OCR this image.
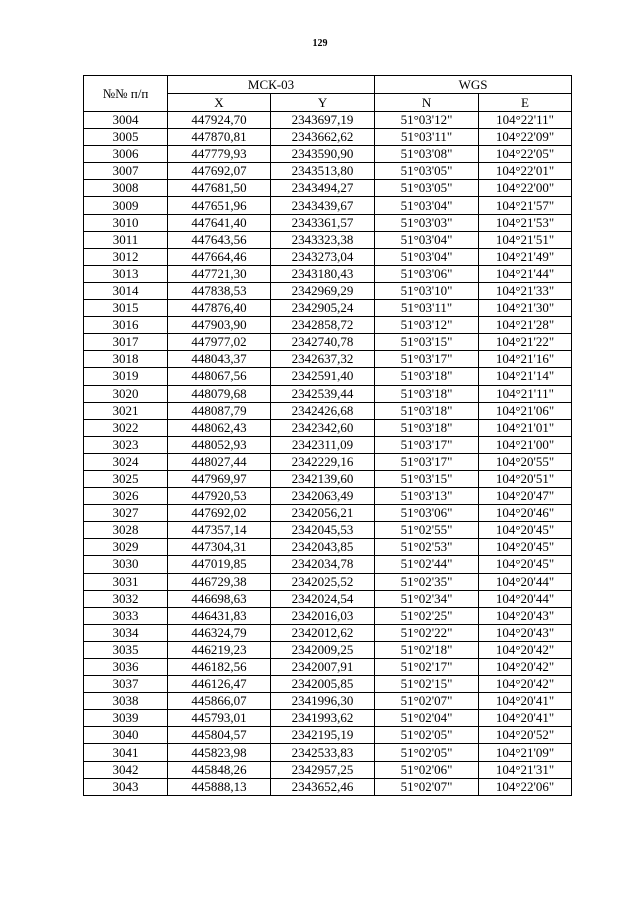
129
№№ п/п	МСК-03		WGS	
	X	Y	N	E
3004	447924,70	2343697,19	51°03'12"	104°22'11"
3005	447870,81	2343662,62	51°03'11"	104°22'09"
3006	447779,93	2343590,90	51°03'08"	104°22'05"
3007	447692,07	2343513,80	51°03'05"	104°22'01"
3008	447681,50	2343494,27	51°03'05"	104°22'00"
3009	447651,96	2343439,67	51°03'04"	104°21'57"
3010	447641,40	2343361,57	51°03'03"	104°21'53"
3011	447643,56	2343323,38	51°03'04"	104°21'51"
3012	447664,46	2343273,04	51°03'04"	104°21'49"
3013	447721,30	2343180,43	51°03'06"	104°21'44"
3014	447838,53	2342969,29	51°03'10"	104°21'33"
3015	447876,40	2342905,24	51°03'11"	104°21'30"
3016	447903,90	2342858,72	51°03'12"	104°21'28"
3017	447977,02	2342740,78	51°03'15"	104°21'22"
3018	448043,37	2342637,32	51°03'17"	104°21'16"
3019	448067,56	2342591,40	51°03'18"	104°21'14"
3020	448079,68	2342539,44	51°03'18"	104°21'11"
3021	448087,79	2342426,68	51°03'18"	104°21'06"
3022	448062,43	2342342,60	51°03'18"	104°21'01"
3023	448052,93	2342311,09	51°03'17"	104°21'00"
3024	448027,44	2342229,16	51°03'17"	104°20'55"
3025	447969,97	2342139,60	51°03'15"	104°20'51"
3026	447920,53	2342063,49	51°03'13"	104°20'47"
3027	447692,02	2342056,21	51°03'06"	104°20'46"
3028	447357,14	2342045,53	51°02'55"	104°20'45"
3029	447304,31	2342043,85	51°02'53"	104°20'45"
3030	447019,85	2342034,78	51°02'44"	104°20'45"
3031	446729,38	2342025,52	51°02'35"	104°20'44"
3032	446698,63	2342024,54	51°02'34"	104°20'44"
3033	446431,83	2342016,03	51°02'25"	104°20'43"
3034	446324,79	2342012,62	51°02'22"	104°20'43"
3035	446219,23	2342009,25	51°02'18"	104°20'42"
3036	446182,56	2342007,91	51°02'17"	104°20'42"
3037	446126,47	2342005,85	51°02'15"	104°20'42"
3038	445866,07	2341996,30	51°02'07"	104°20'41"
3039	445793,01	2341993,62	51°02'04"	104°20'41"
3040	445804,57	2342195,19	51°02'05"	104°20'52"
3041	445823,98	2342533,83	51°02'05"	104°21'09"
3042	445848,26	2342957,25	51°02'06"	104°21'31"
3043	445888,13	2343652,46	51°02'07"	104°22'06"
